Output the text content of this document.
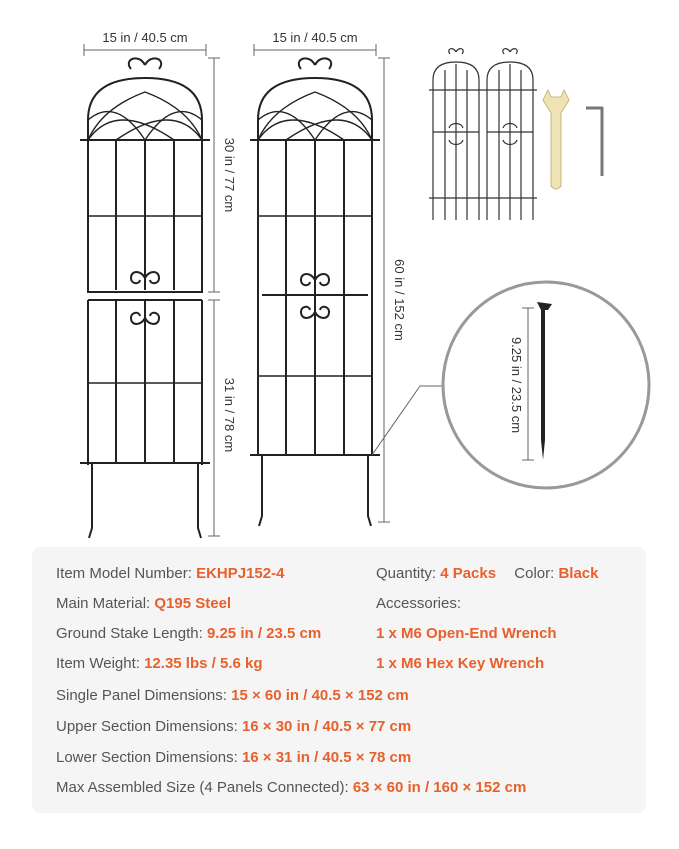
15 in / 40.5 cm	15 in / 40.5 cm
30 in / 77 cm
31 in / 78 cm
60 in / 152 cm
9.25 in / 23.5 cm
Item Model Number: EKHPJ152-4	Quantity: 4 Packs Color: Black
Main Material: Q195 Steel	Accessories:
Ground Stake Length: 9.25 in / 23.5 cm	1 x M6 Open-End Wrench
Item Weight: 12.35 lbs / 5.6 kg	1 x M6 Hex Key Wrench
Single Panel Dimensions: 15 × 60 in / 40.5 × 152 cm
Upper Section Dimensions: 16 × 30 in / 40.5 × 77 cm
Lower Section Dimensions: 16 × 31 in / 40.5 × 78 cm
Max Assembled Size (4 Panels Connected): 63 × 60 in / 160 × 152 cm
